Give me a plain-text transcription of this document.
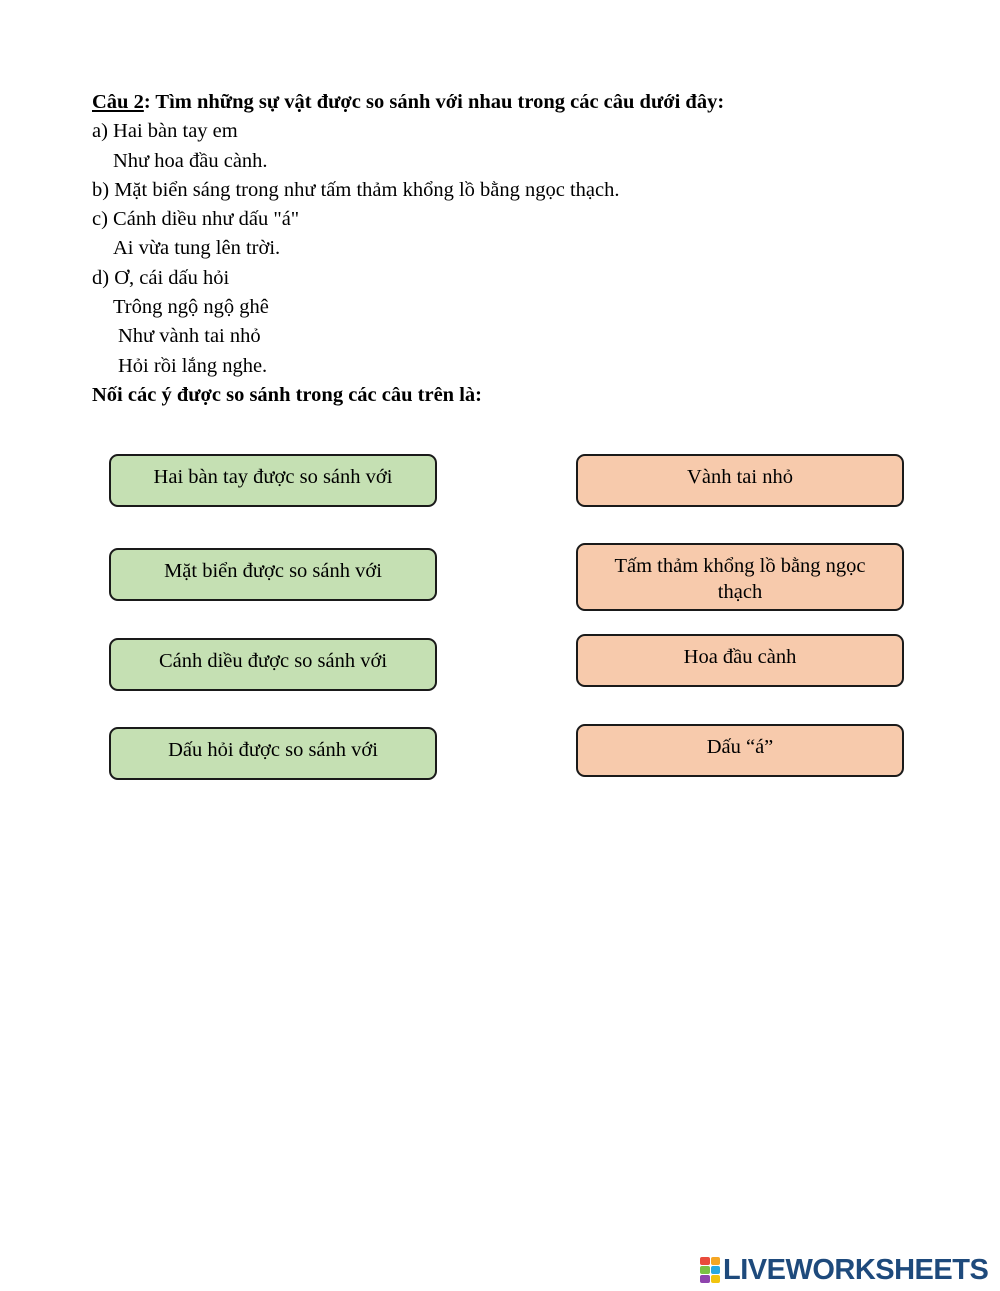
Câu 2: Tìm những sự vật được so sánh với nhau trong các câu dưới đây:

a) Hai bàn tay em

Như hoa đầu cành.

b) Mặt biển sáng trong như tấm thảm khổng lồ bằng ngọc thạch.

c) Cánh diều như dấu "á"

Ai vừa tung lên trời.

d) Ơ, cái dấu hỏi

Trông ngộ ngộ ghê

Như vành tai nhỏ

Hỏi rồi lắng nghe.

Nối các ý được so sánh trong các câu trên là:

Hai bàn tay được so sánh với
Mặt biển được so sánh với
Cánh diều được so sánh với
Dấu hỏi được so sánh với
Vành tai nhỏ
Tấm thảm khổng lồ bằng ngọc thạch
Hoa đầu cành
Dấu “á”
LIVEWORKSHEETS
